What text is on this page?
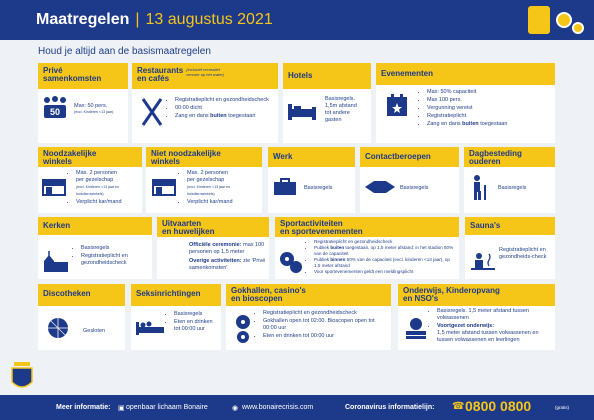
Maatregelen | 13 augustus 2021
Houd je altijd aan de basismaatregelen
Privé
samenkomsten
50
Max: 50 pers.
(excl. Kinderen <13 jaar).
Restaurants
en cafés(inclusief recreatief
vervoer op het water)
• Registratieplicht en gezondheidscheck
• 00:00 dicht
• Zang en dans buiten toegestaan
Hotels
Basisregels.
1,5m afstand
tot andere
gasten
Evenementen
• Max: 50% capaciteit
• Max 100 pers.
• Vergunning vereist
• Registratieplicht
• Zang en dans buiten toegestaan
Noodzakelijke
winkels
• Max. 2 personen
per gezelschap
(excl. Kinderen <13 jaar en
huisdiernwinkels)
• Verplicht kar/mand
Niet noodzakelijke
winkels
• Max. 2 personen
per gezelschap
(excl. Kinderen <13 jaar en
huisdiernwinkels)
• Verplicht kar/mand
Werk
Basisregels
Contactberoepen
Basisregels
Dagbesteding
ouderen
Basisregels
Kerken
• Basisregels
• Registratieplicht en gezondheidscheck
Uitvaarten
en huwelijken
Officiële ceremonie: max 100 personen op 1,5 meter
Overige activiteiten: zie 'Privé samenkomsten'
Sportactiviteiten
en sportevenementen
• Registratieplicht en gezondheidscheck
• Publiek buiten toegestaan, op 1,5 meter afstand; in het stadion 50% van de capaciteit
• Publiek binnen 50% van de capaciteit (excl. kinderen <13 jaar), op 1,5 meter afstand
• Voor sportevenementen geldt een meldingsplicht
Sauna's
Registratieplicht en gezondheids-check
Discotheken
Gesloten
Seksinrichtingen
• Basisregels
• Eten en drinken tot 00:00 uur
Gokhallen, casino's
en bioscopen
• Registratieplicht en gezondheidscheck
• Gokhallen open tot 02:00. Bioscopen open tot 00:00 uur
• Eten en drinken tot 00:00 uur
Onderwijs, Kinderopvang
en NSO's
• Basisregels. 1,5 meter afstand tussen volwassenen
• Voortgezet onderwijs:
1,5 meter afstand tussen volwassenen en tussen volwassenen en leerlingen
Meer informatie: ▣ openbaar lichaam Bonaire	◉ www.bonairecrisis.com	Coronavirus informatielijn: ☎	(gratis)
0800 0800
